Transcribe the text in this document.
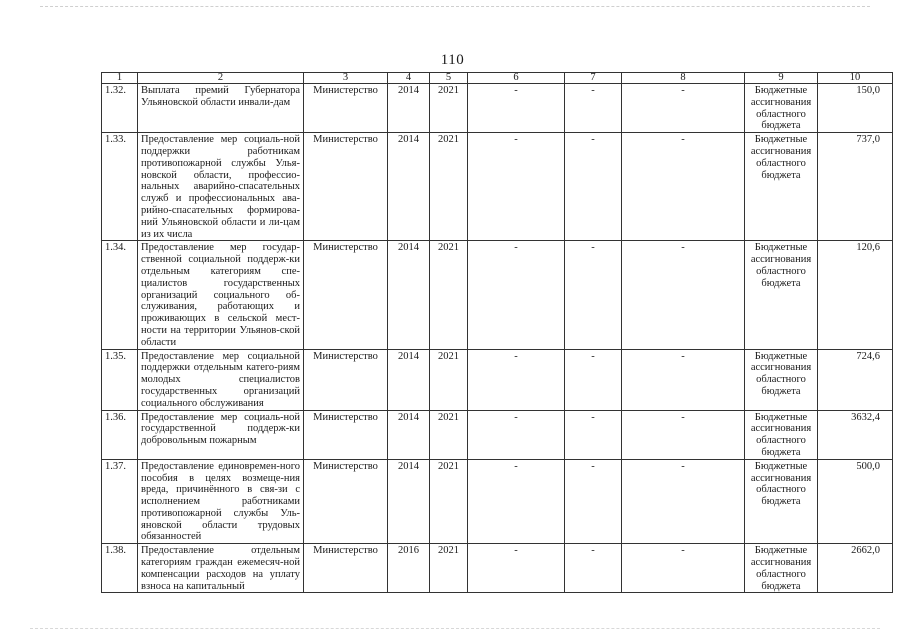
110
1	2	3	4	5	6	7	8	9	10
1.32.	Выплата премий Губернатора Ульяновской области инвали-дам	Министерство	2014	2021	-	-	-	Бюджетные ассигнования областного бюджета	150,0
1.33.	Предоставление мер социаль-ной поддержки работникам противопожарной службы Улья-новской области, профессио-нальных аварийно-спасательных служб и профессиональных ава-рийно-спасательных формирова-ний Ульяновской области и ли-цам из их числа	Министерство	2014	2021	-	-	-	Бюджетные ассигнования областного бюджета	737,0
1.34.	Предоставление мер государ-ственной социальной поддерж-ки отдельным категориям спе-циалистов государственных организаций социального об-служивания, работающих и проживающих в сельской мест-ности на территории Ульянов-ской области	Министерство	2014	2021	-	-	-	Бюджетные ассигнования областного бюджета	120,6
1.35.	Предоставление мер социальной поддержки отдельным катего-риям молодых специалистов государственных организаций социального обслуживания	Министерство	2014	2021	-	-	-	Бюджетные ассигнования областного бюджета	724,6
1.36.	Предоставление мер социаль-ной государственной поддерж-ки добровольным пожарным	Министерство	2014	2021	-	-	-	Бюджетные ассигнования областного бюджета	3632,4
1.37.	Предоставление единовремен-ного пособия в целях возмеще-ния вреда, причинённого в свя-зи с исполнением работниками противопожарной службы Уль-яновской области трудовых обязанностей	Министерство	2014	2021	-	-	-	Бюджетные ассигнования областного бюджета	500,0
1.38.	Предоставление отдельным категориям граждан ежемесяч-ной компенсации расходов на уплату взноса на капитальный	Министерство	2016	2021	-	-	-	Бюджетные ассигнования областного бюджета	2662,0
